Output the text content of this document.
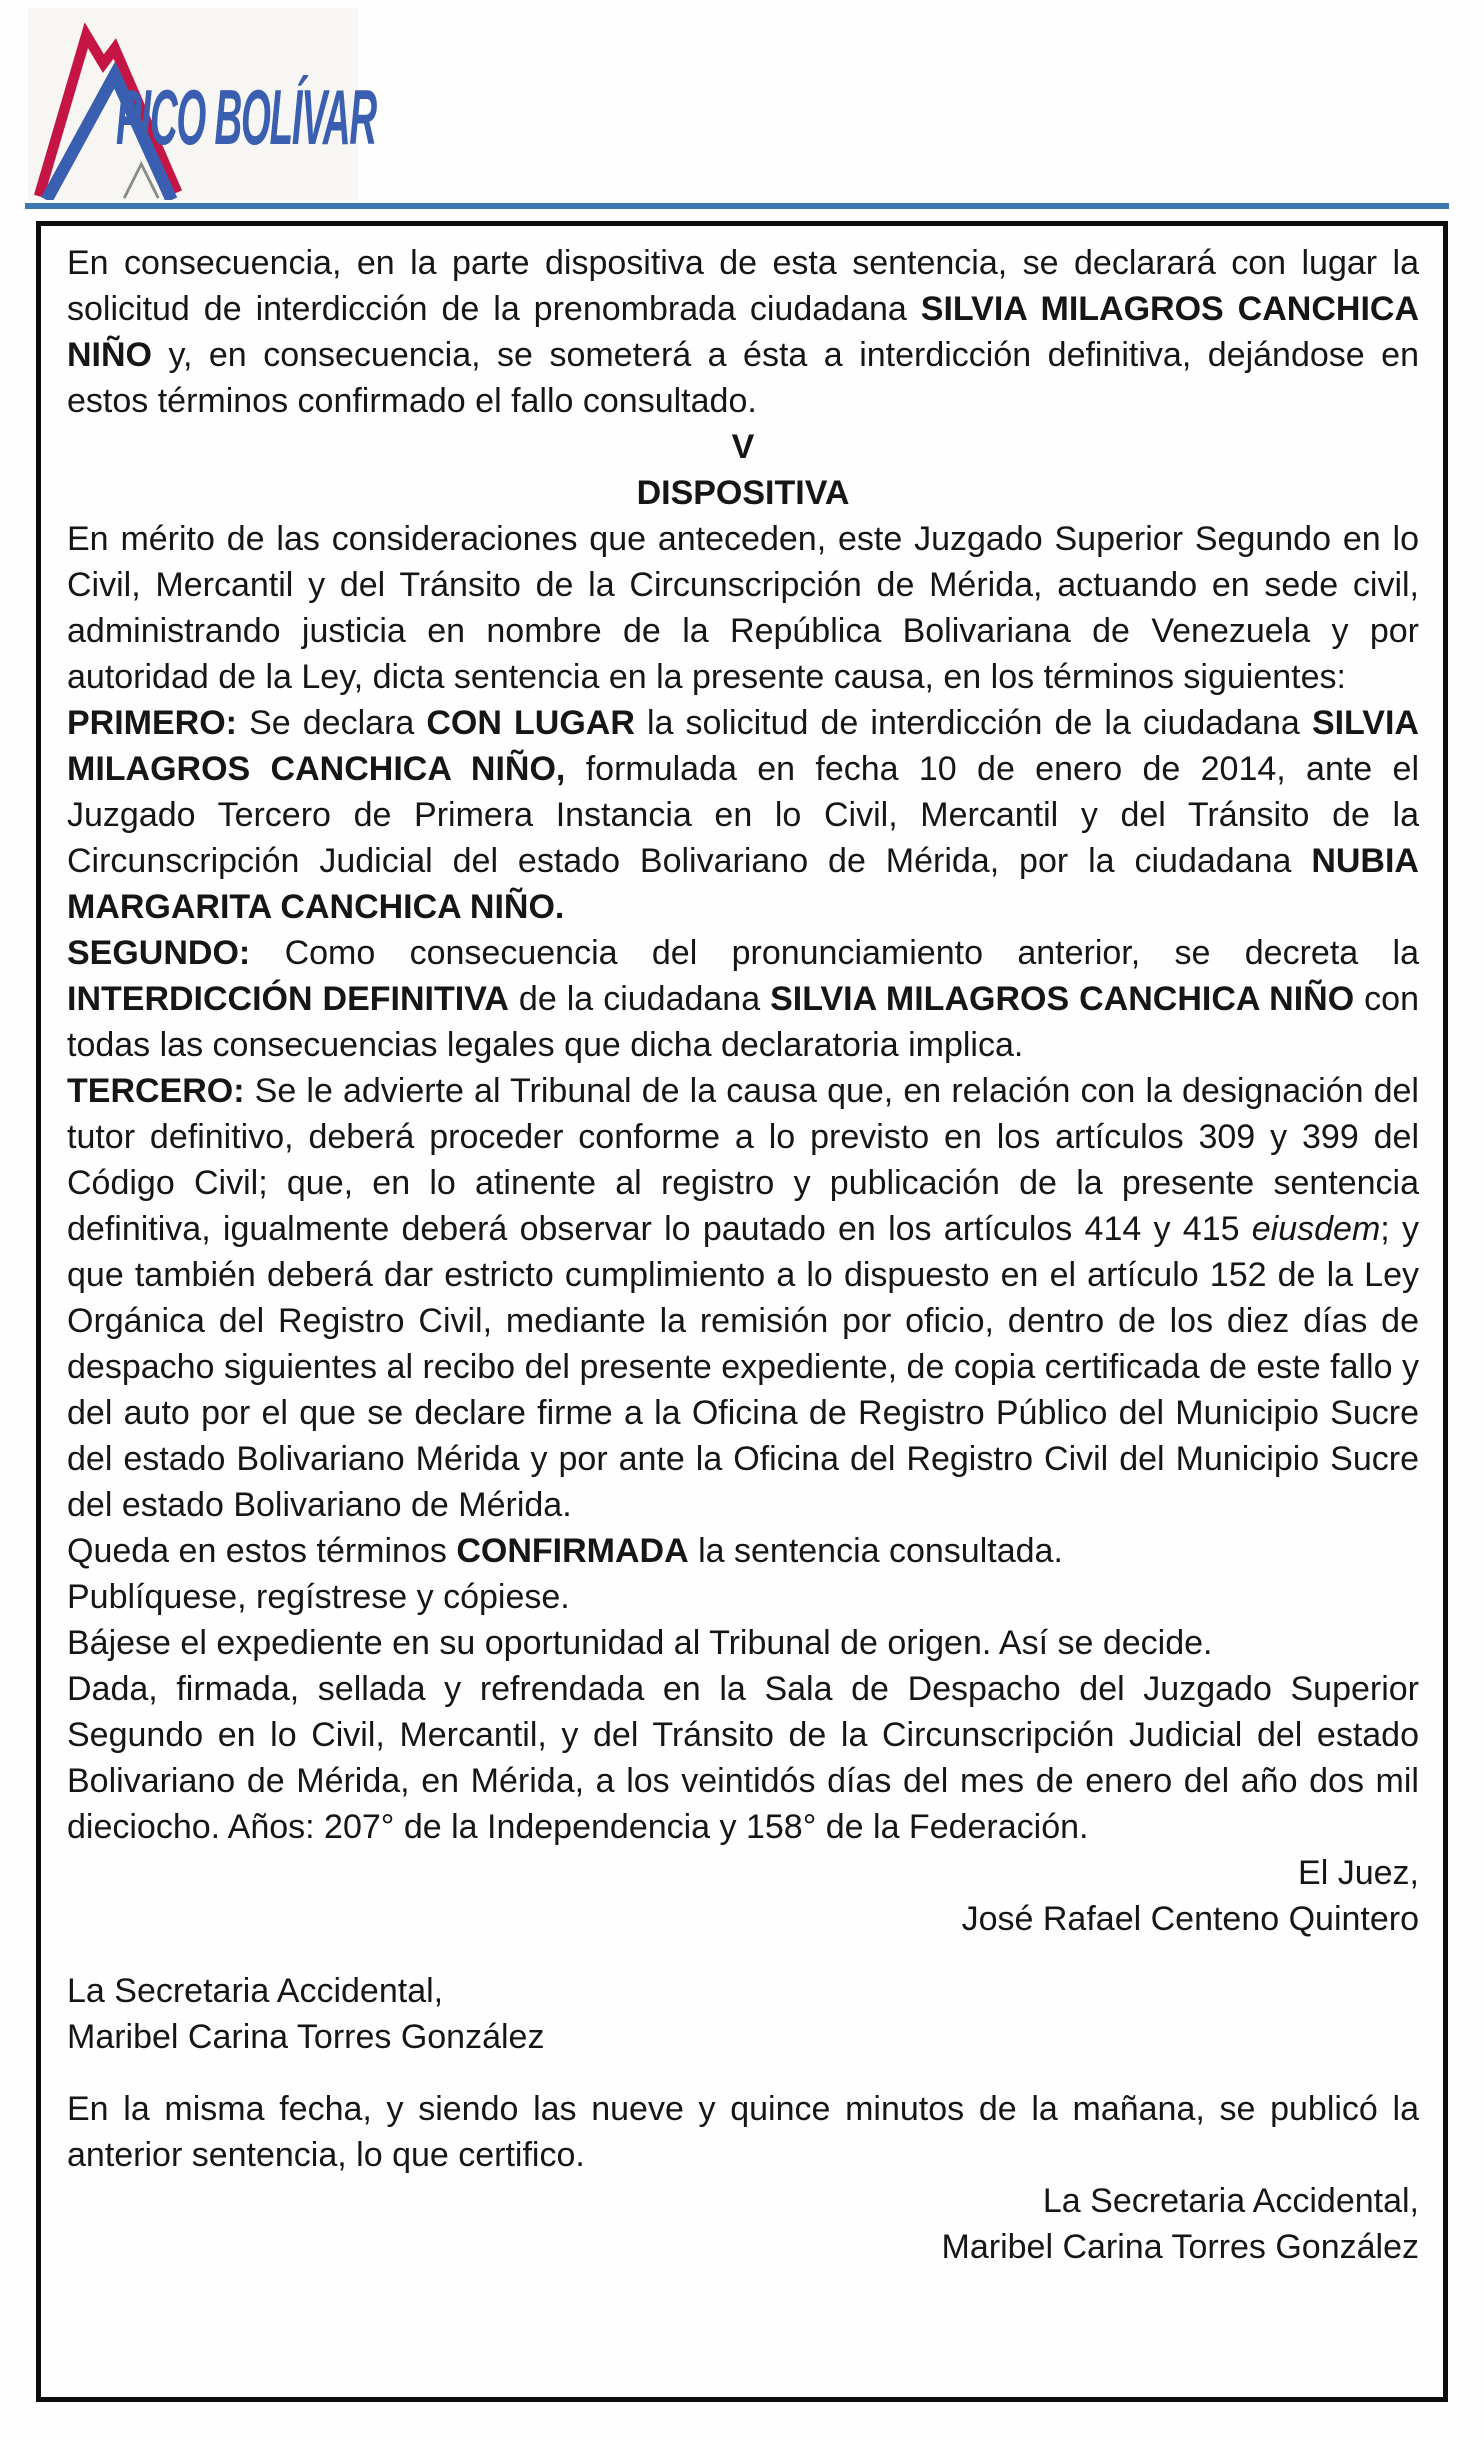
PICO BOLÍVAR

En consecuencia, en la parte dispositiva de esta sentencia, se declarará con lugar la solicitud de interdicción de la prenombrada ciudadana SILVIA MILAGROS CANCHICA NIÑO y, en consecuencia, se someterá a ésta a interdicción definitiva, dejándose en estos términos confirmado el fallo consultado.

V

DISPOSITIVA

En mérito de las consideraciones que anteceden, este Juzgado Superior Segundo en lo Civil, Mercantil y del Tránsito de la Circunscripción de Mérida, actuando en sede civil, administrando justicia en nombre de la República Bolivariana de Venezuela y por autoridad de la Ley, dicta sentencia en la presente causa, en los términos siguientes:

PRIMERO: Se declara CON LUGAR la solicitud de interdicción de la ciudadana SILVIA MILAGROS CANCHICA NIÑO, formulada en fecha 10 de enero de 2014, ante el Juzgado Tercero de Primera Instancia en lo Civil, Mercantil y del Tránsito de la Circunscripción Judicial del estado Bolivariano de Mérida, por la ciudadana NUBIA MARGARITA CANCHICA NIÑO.

SEGUNDO: Como consecuencia del pronunciamiento anterior, se decreta la INTERDICCIÓN DEFINITIVA de la ciudadana SILVIA MILAGROS CANCHICA NIÑO con todas las consecuencias legales que dicha declaratoria implica.

TERCERO: Se le advierte al Tribunal de la causa que, en relación con la designación del tutor definitivo, deberá proceder conforme a lo previsto en los artículos 309 y 399 del Código Civil; que, en lo atinente al registro y publicación de la presente sentencia definitiva, igualmente deberá observar lo pautado en los artículos 414 y 415 eiusdem; y que también deberá dar estricto cumplimiento a lo dispuesto en el artículo 152 de la Ley Orgánica del Registro Civil, mediante la remisión por oficio, dentro de los diez días de despacho siguientes al recibo del presente expediente, de copia certificada de este fallo y del auto por el que se declare firme a la Oficina de Registro Público del Municipio Sucre del estado Bolivariano Mérida y por ante la Oficina del Registro Civil del Municipio Sucre del estado Bolivariano de Mérida.

Queda en estos términos CONFIRMADA la sentencia consultada.

Publíquese, regístrese y cópiese.

Bájese el expediente en su oportunidad al Tribunal de origen. Así se decide.

Dada, firmada, sellada y refrendada en la Sala de Despacho del Juzgado Superior Segundo en lo Civil, Mercantil, y del Tránsito de la Circunscripción Judicial del estado Bolivariano de Mérida, en Mérida, a los veintidós días del mes de enero del año dos mil dieciocho. Años: 207° de la Independencia y 158° de la Federación.

El Juez,

José Rafael Centeno Quintero

La Secretaria Accidental,

Maribel Carina Torres González

En la misma fecha, y siendo las nueve y quince minutos de la mañana, se publicó la anterior sentencia, lo que certifico.

La Secretaria Accidental,

Maribel Carina Torres González
